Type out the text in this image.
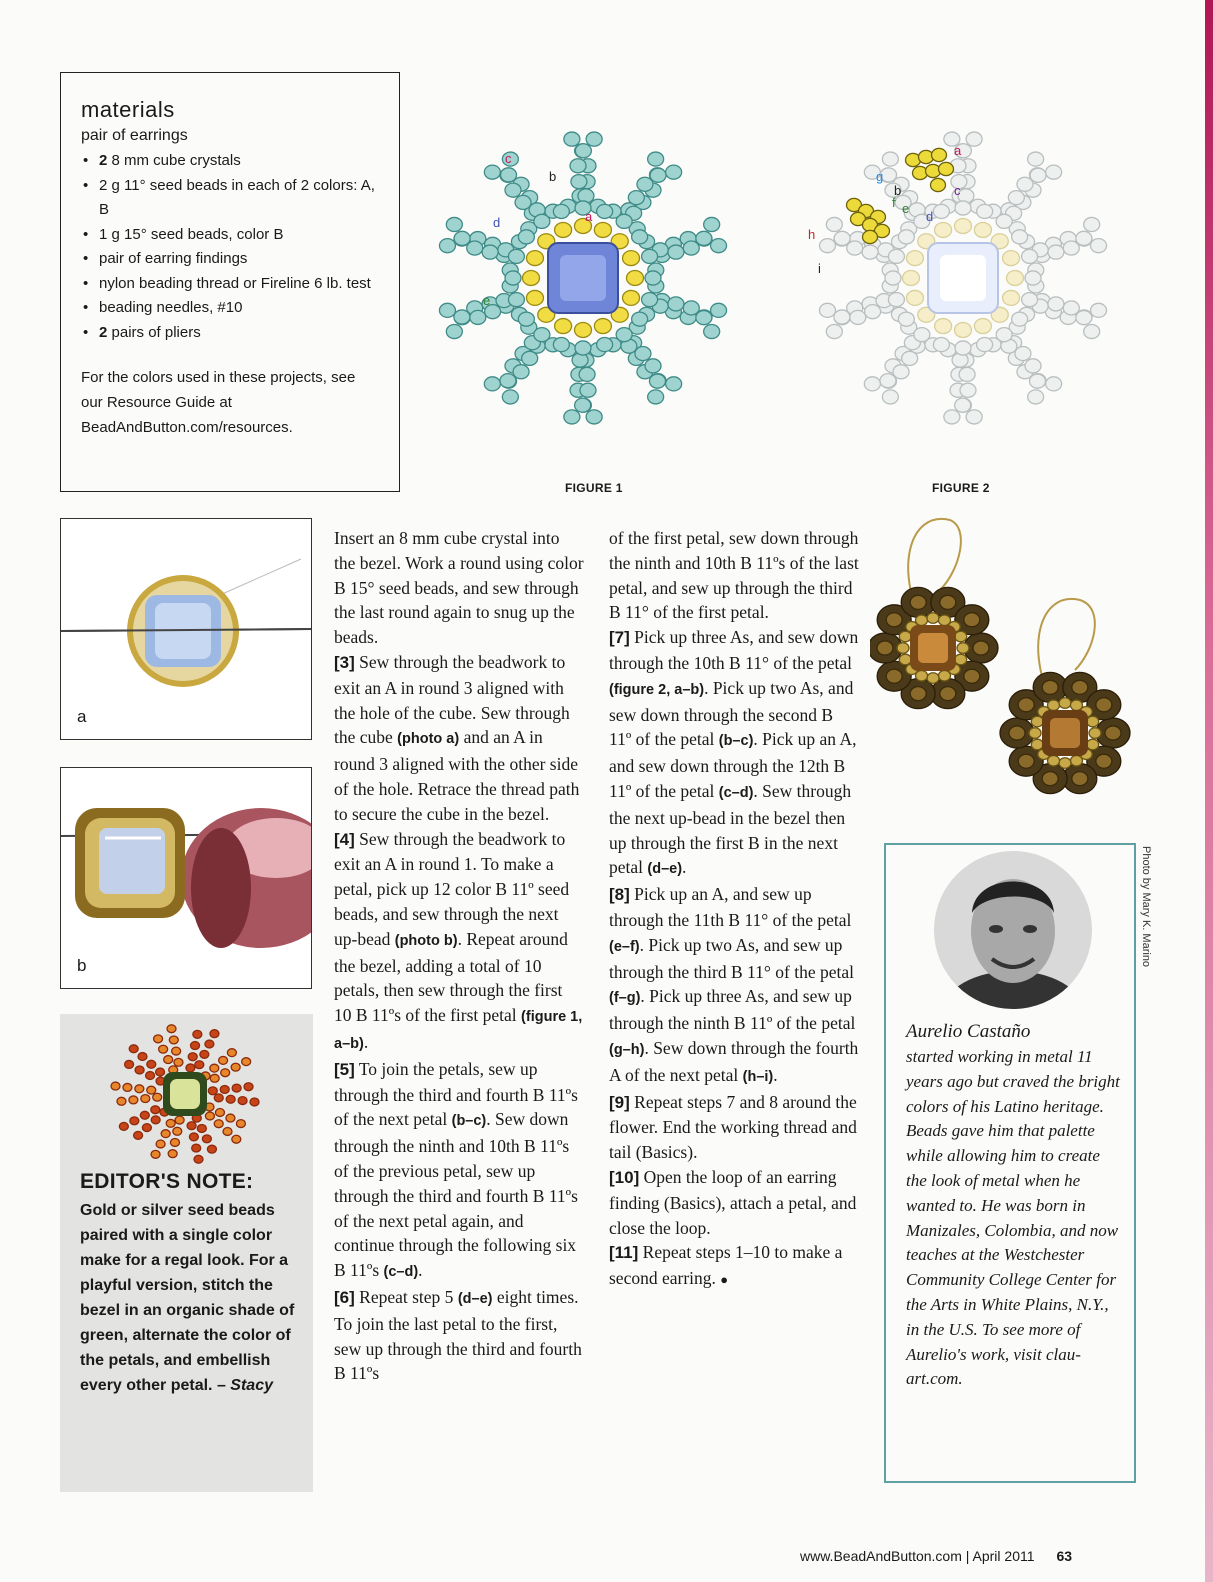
materials
pair of earrings
• 2 8 mm cube crystals
• 2 g 11° seed beads in each of 2 colors: A, B
• 1 g 15° seed beads, color B
• pair of earring findings
• nylon beading thread or Fireline 6 lb. test
• beading needles, #10
• 2 pairs of pliers
For the colors used in these projects, see our Resource Guide at BeadAndButton.com/resources.
c
b
a
d
e
FIGURE 1
a
b	c
g
f e
d
h
i
FIGURE 2
a
b
EDITOR'S NOTE:

Gold or silver seed beads paired with a single color make for a regal look. For a playful version, stitch the bezel in an organic shade of green, alternate the color of the petals, and embellish every other petal. – Stacy

Insert an 8 mm cube crystal into the bezel. Work a round using color B 15° seed beads, and sew through the last round again to snug up the beads.

[3] Sew through the beadwork to exit an A in round 3 aligned with the hole of the cube. Sew through the cube (photo a) and an A in round 3 aligned with the other side of the hole. Retrace the thread path to secure the cube in the bezel.

[4] Sew through the beadwork to exit an A in round 1. To make a petal, pick up 12 color B 11º seed beads, and sew through the next up-bead (photo b). Repeat around the bezel, adding a total of 10 petals, then sew through the first 10 B 11ºs of the first petal (figure 1, a–b).

[5] To join the petals, sew up through the third and fourth B 11ºs of the next petal (b–c). Sew down through the ninth and 10th B 11ºs of the previous petal, sew up through the third and fourth B 11ºs of the next petal again, and continue through the following six B 11ºs (c–d).

[6] Repeat step 5 (d–e) eight times. To join the last petal to the first, sew up through the third and fourth B 11ºs

of the first petal, sew down through the ninth and 10th B 11ºs of the last petal, and sew up through the third B 11° of the first petal.

[7] Pick up three As, and sew down through the 10th B 11° of the petal (figure 2, a–b). Pick up two As, and sew down through the second B 11º of the petal (b–c). Pick up an A, and sew down through the 12th B 11º of the petal (c–d). Sew through the next up-bead in the bezel then up through the first B in the next petal (d–e).

[8] Pick up an A, and sew up through the 11th B 11° of the petal (e–f). Pick up two As, and sew up through the third B 11° of the petal (f–g). Pick up three As, and sew up through the ninth B 11º of the petal (g–h). Sew down through the fourth A of the next petal (h–i).

[9] Repeat steps 7 and 8 around the flower. End the working thread and tail (Basics).

[10] Open the loop of an earring finding (Basics), attach a petal, and close the loop.

[11] Repeat steps 1–10 to make a second earring. ●

Aurelio Castaño

started working in metal 11 years ago but craved the bright colors of his Latino heritage. Beads gave him that palette while allowing him to create the look of metal when he wanted to. He was born in Manizales, Colombia, and now teaches at the Westchester Community College Center for the Arts in White Plains, N.Y., in the U.S. To see more of Aurelio's work, visit clau-art.com.

Photo by Mary K. Marino
www.BeadAndButton.com | April 2011 63
